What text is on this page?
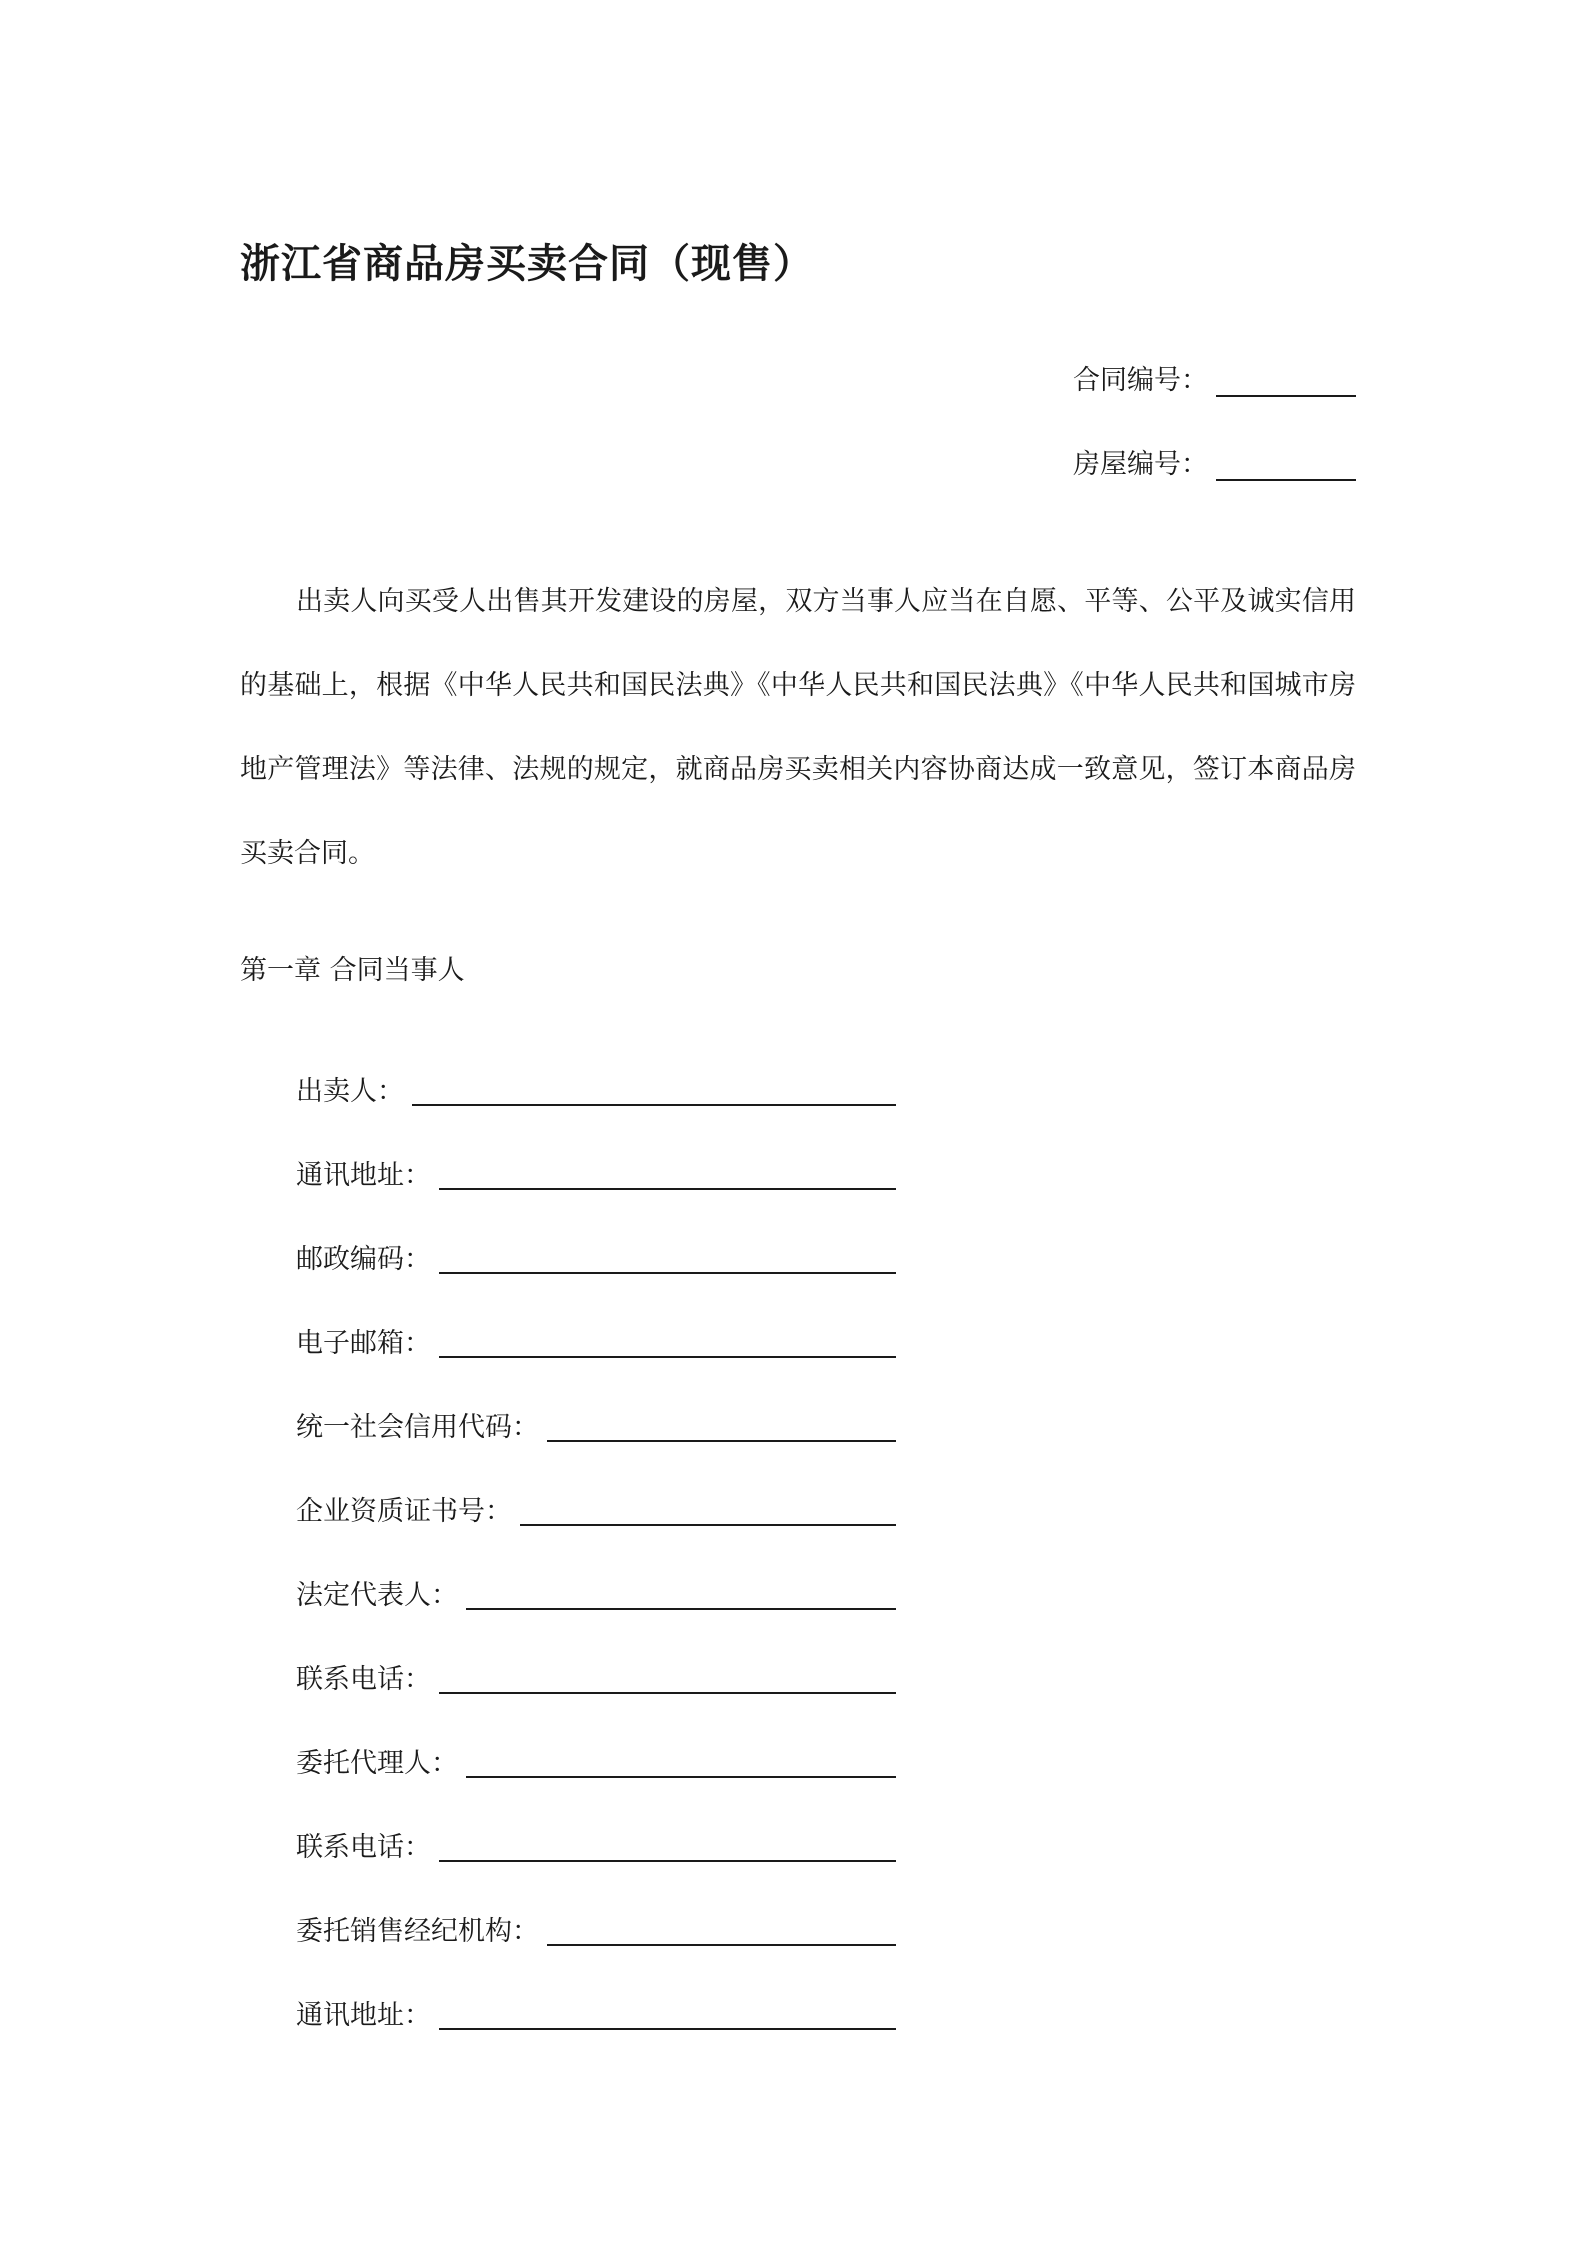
浙江省商品房买卖合同（现售）
合同编号：
房屋编号：

出卖人向买受人出售其开发建设的房屋，双方当事人应当在自愿、平等、公平及诚实信用的基础上，根据《中华人民共和国民法典》《中华人民共和国民法典》《中华人民共和国城市房地产管理法》等法律、法规的规定，就商品房买卖相关内容协商达成一致意见，签订本商品房买卖合同。

第一章 合同当事人

出卖人：
通讯地址：
邮政编码：
电子邮箱：
统一社会信用代码：
企业资质证书号：
法定代表人：
联系电话：
委托代理人：
联系电话：
委托销售经纪机构：
通讯地址：
